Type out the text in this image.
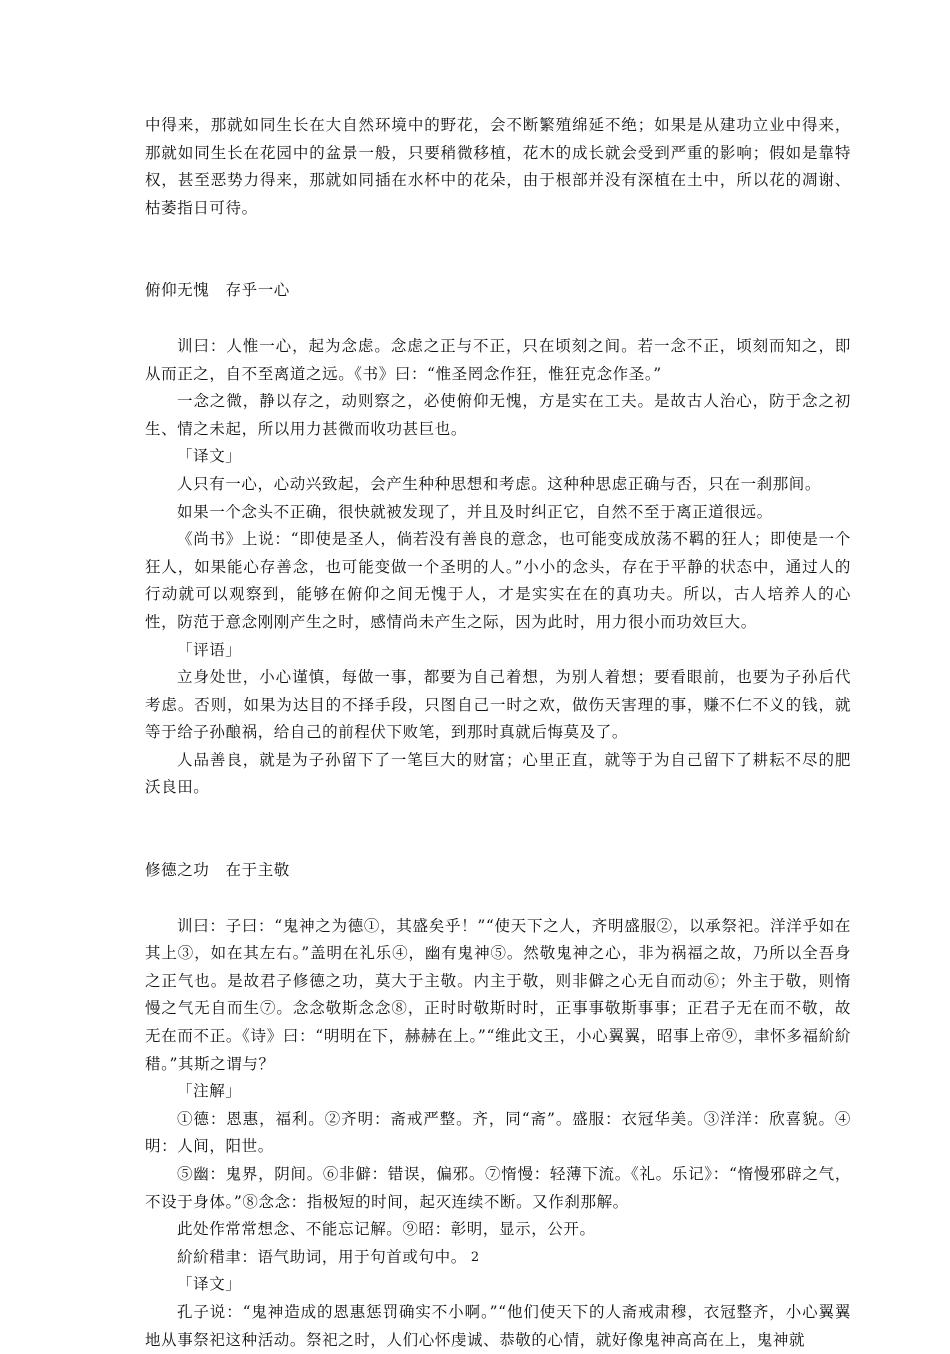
中得来，那就如同生长在大自然环境中的野花，会不断繁殖绵延不绝；如果是从建功立业中得来，那就如同生长在花园中的盆景一般，只要稍微移植，花木的成长就会受到严重的影响；假如是靠特权，甚至恶势力得来，那就如同插在水杯中的花朵，由于根部并没有深植在土中，所以花的凋谢、枯萎指日可待。

俯仰无愧　存乎一心

训曰：人惟一心，起为念虑。念虑之正与不正，只在顷刻之间。若一念不正，顷刻而知之，即从而正之，自不至离道之远。《书》曰：“惟圣罔念作狂，惟狂克念作圣。”

一念之微，静以存之，动则察之，必使俯仰无愧，方是实在工夫。是故古人治心，防于念之初生、情之未起，所以用力甚微而收功甚巨也。

「译文」

人只有一心，心动兴致起，会产生种种思想和考虑。这种种思虑正确与否，只在一刹那间。

如果一个念头不正确，很快就被发现了，并且及时纠正它，自然不至于离正道很远。

《尚书》上说：“即使是圣人，倘若没有善良的意念，也可能变成放荡不羁的狂人；即使是一个狂人，如果能心存善念，也可能变做一个圣明的人。”小小的念头，存在于平静的状态中，通过人的行动就可以观察到，能够在俯仰之间无愧于人，才是实实在在的真功夫。所以，古人培养人的心性，防范于意念刚刚产生之时，感情尚未产生之际，因为此时，用力很小而功效巨大。

「评语」

立身处世，小心谨慎，每做一事，都要为自己着想，为别人着想；要看眼前，也要为子孙后代考虑。否则，如果为达目的不择手段，只图自己一时之欢，做伤天害理的事，赚不仁不义的钱，就等于给子孙酿祸，给自己的前程伏下败笔，到那时真就后悔莫及了。

人品善良，就是为子孙留下了一笔巨大的财富；心里正直，就等于为自己留下了耕耘不尽的肥沃良田。

修德之功　在于主敬

训曰：子曰：“鬼神之为德①，其盛矣乎！”“使天下之人，齐明盛服②，以承祭祀。洋洋乎如在其上③，如在其左右。”盖明在礼乐④，幽有鬼神⑤。然敬鬼神之心，非为祸福之故，乃所以全吾身之正气也。是故君子修德之功，莫大于主敬。内主于敬，则非僻之心无自而动⑥；外主于敬，则惰慢之气无自而生⑦。念念敬斯念念⑧，正时时敬斯时时，正事事敬斯事事；正君子无在而不敬，故无在而不正。《诗》曰：“明明在下，赫赫在上。”“维此文王，小心翼翼，昭事上帝⑨，聿怀多福紒紒稓。”其斯之谓与？

「注解」

①德：恩惠，福利。②齐明：斋戒严整。齐，同“斋”。盛服：衣冠华美。③洋洋：欣喜貌。④明：人间，阳世。

⑤幽：鬼界，阴间。⑥非僻：错误，偏邪。⑦惰慢：轻薄下流。《礼。乐记》：“惰慢邪辟之气，不设于身体。”⑧念念：指极短的时间，起灭连续不断。又作刹那解。

此处作常常想念、不能忘记解。⑨昭：彰明，显示，公开。

紒紒稓聿：语气助词，用于句首或句中。

「译文」

孔子说：“鬼神造成的恩惠惩罚确实不小啊。”“他们使天下的人斋戒肃穆，衣冠整齐，小心翼翼地从事祭祀这种活动。祭祀之时，人们心怀虔诚、恭敬的心情，就好像鬼神高高在上，鬼神就

2
